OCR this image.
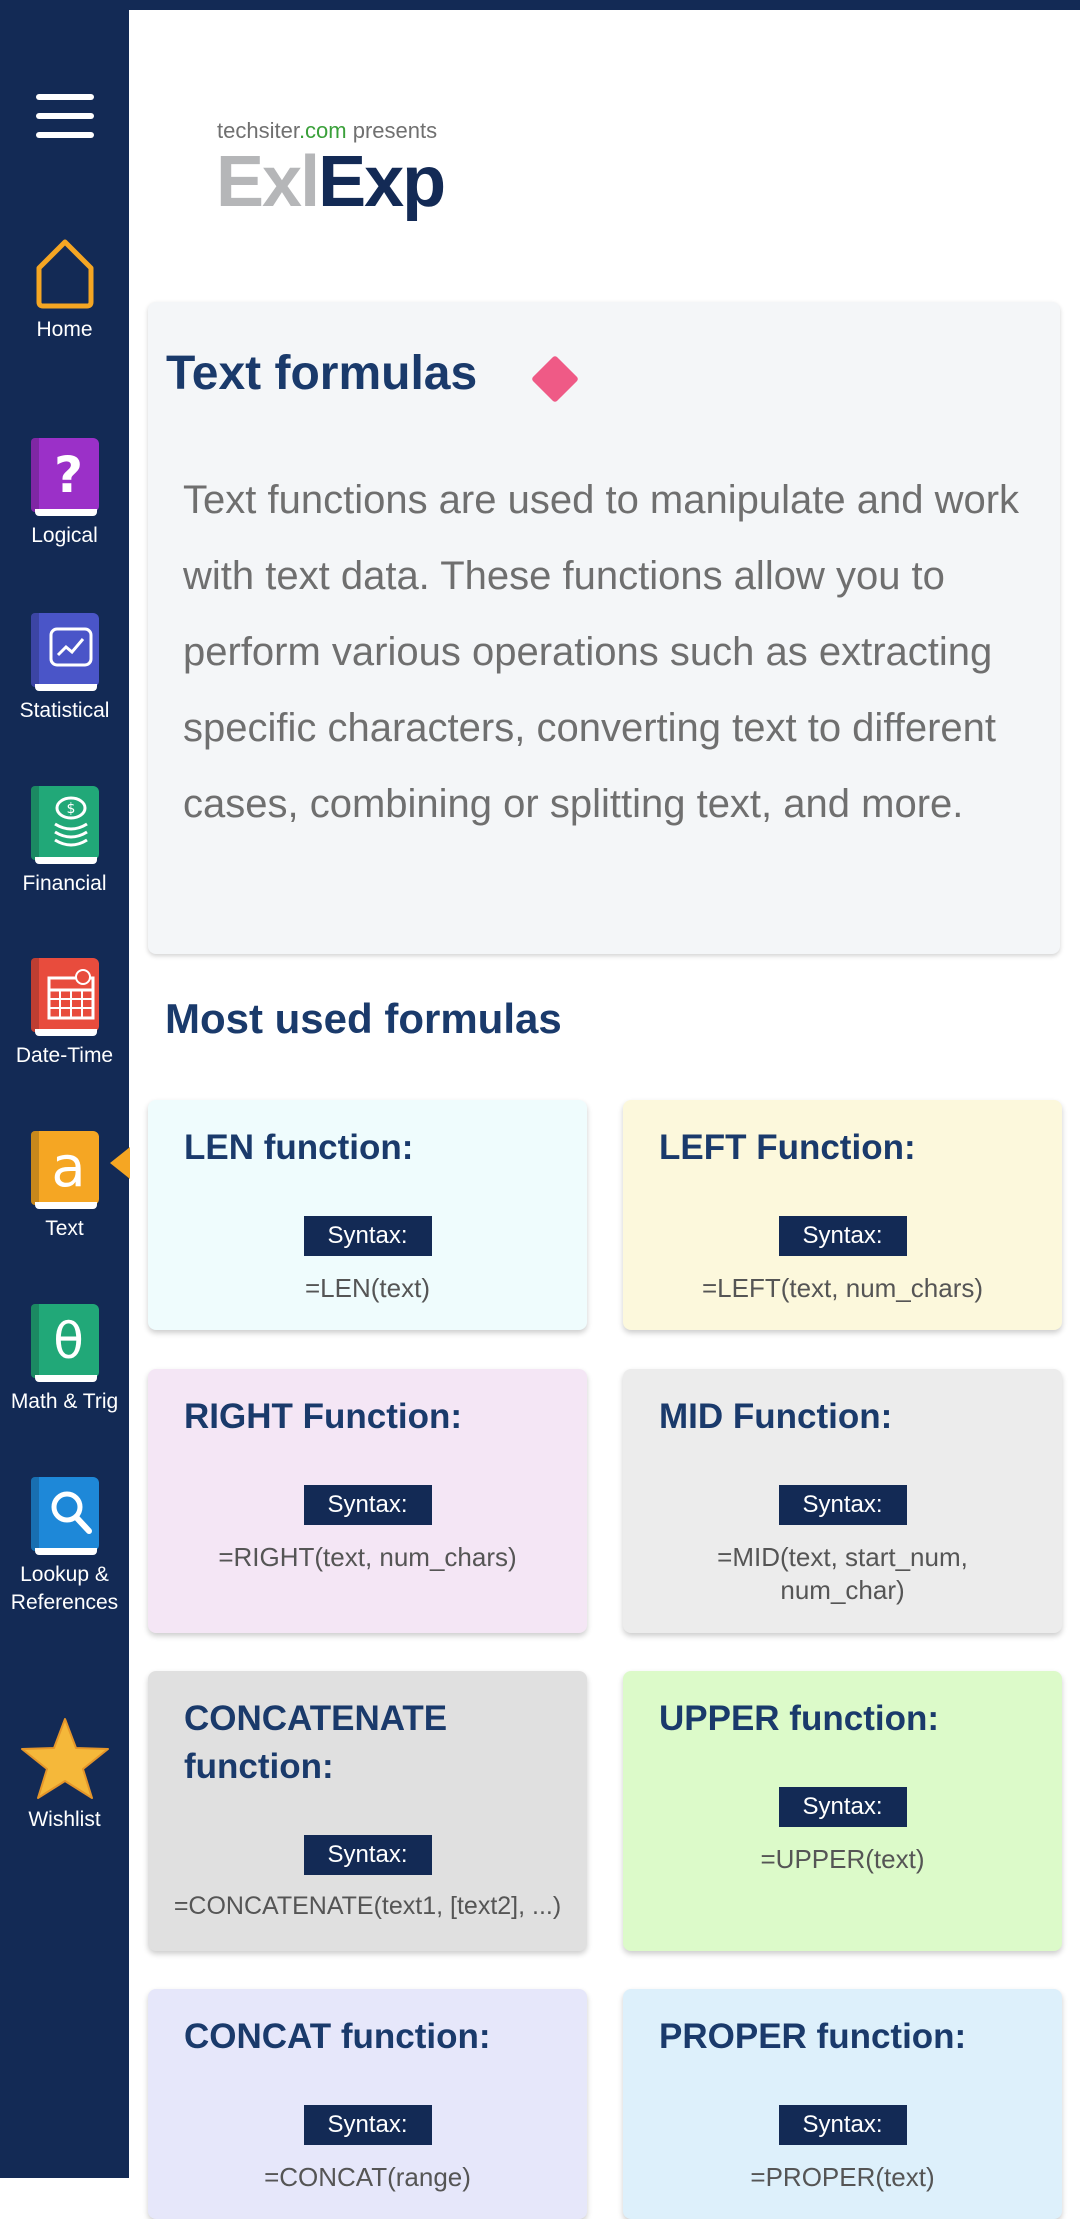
Home
?
Logical
Statistical
$
Financial
Date-Time
a
Text
θ
Math & Trig
Lookup & References
Wishlist
techsiter.com presents
ExlExp
Text formulas
Text functions are used to manipulate and work with text data. These functions allow you to perform various operations such as extracting specific characters, converting text to different cases, combining or splitting text, and more.
Most used formulas
LEN function:
Syntax:
=LEN(text)
LEFT Function:
Syntax:
=LEFT(text, num_chars)
RIGHT Function:
Syntax:
=RIGHT(text, num_chars)
MID Function:
Syntax:
=MID(text, start_num, num_char)
CONCATENATE function:
Syntax:
=CONCATENATE(text1, [text2], ...)
UPPER function:
Syntax:
=UPPER(text)
CONCAT function:
Syntax:
=CONCAT(range)
PROPER function:
Syntax:
=PROPER(text)
